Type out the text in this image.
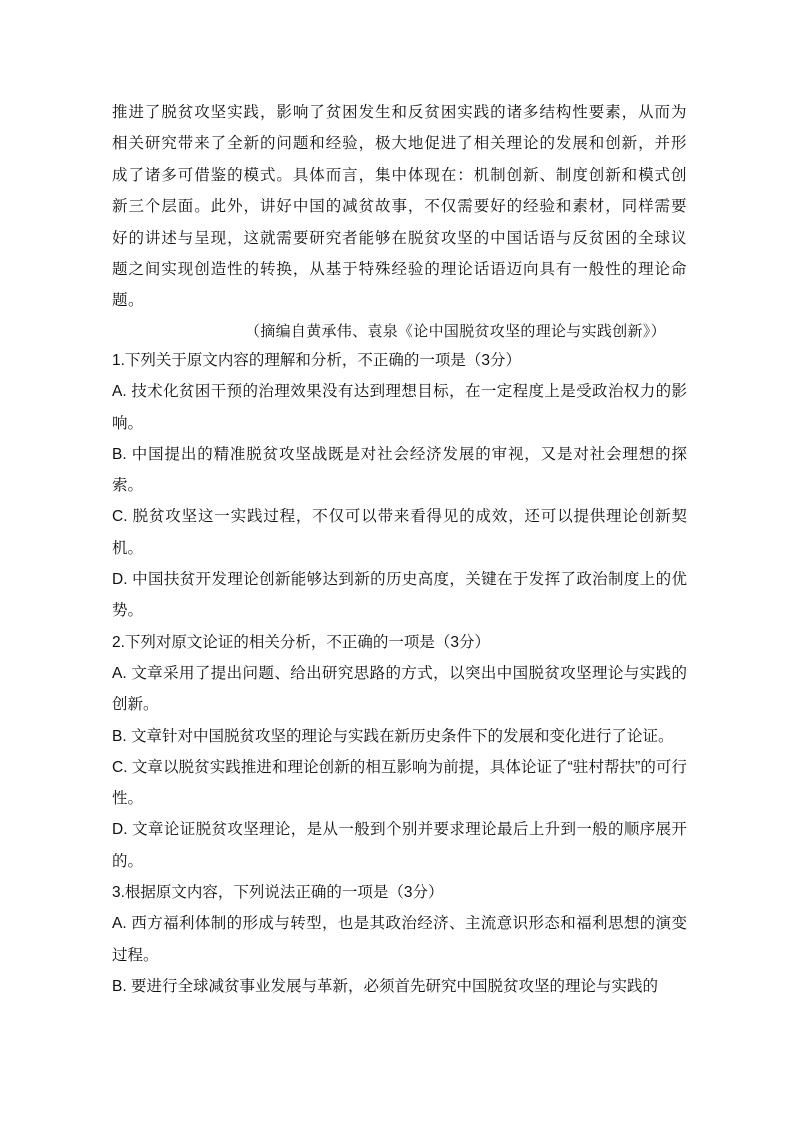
推进了脱贫攻坚实践，影响了贫困发生和反贫困实践的诸多结构性要素，从而为相关研究带来了全新的问题和经验，极大地促进了相关理论的发展和创新，并形成了诸多可借鉴的模式。具体而言，集中体现在：机制创新、制度创新和模式创新三个层面。此外，讲好中国的减贫故事，不仅需要好的经验和素材，同样需要好的讲述与呈现，这就需要研究者能够在脱贫攻坚的中国话语与反贫困的全球议题之间实现创造性的转换，从基于特殊经验的理论话语迈向具有一般性的理论命题。

（摘编自黄承伟、袁泉《论中国脱贫攻坚的理论与实践创新》）

1.下列关于原文内容的理解和分析，不正确的一项是（3分）

A. 技术化贫困干预的治理效果没有达到理想目标，在一定程度上是受政治权力的影响。

B. 中国提出的精准脱贫攻坚战既是对社会经济发展的审视，又是对社会理想的探索。

C. 脱贫攻坚这一实践过程，不仅可以带来看得见的成效，还可以提供理论创新契机。

D. 中国扶贫开发理论创新能够达到新的历史高度，关键在于发挥了政治制度上的优势。

2.下列对原文论证的相关分析，不正确的一项是（3分）

A. 文章采用了提出问题、给出研究思路的方式，以突出中国脱贫攻坚理论与实践的创新。

B. 文章针对中国脱贫攻坚的理论与实践在新历史条件下的发展和变化进行了论证。

C. 文章以脱贫实践推进和理论创新的相互影响为前提，具体论证了“驻村帮扶”的可行性。

D. 文章论证脱贫攻坚理论，是从一般到个别并要求理论最后上升到一般的顺序展开的。

3.根据原文内容，下列说法正确的一项是（3分）

A. 西方福利体制的形成与转型，也是其政治经济、主流意识形态和福利思想的演变过程。

B. 要进行全球减贫事业发展与革新，必须首先研究中国脱贫攻坚的理论与实践的
